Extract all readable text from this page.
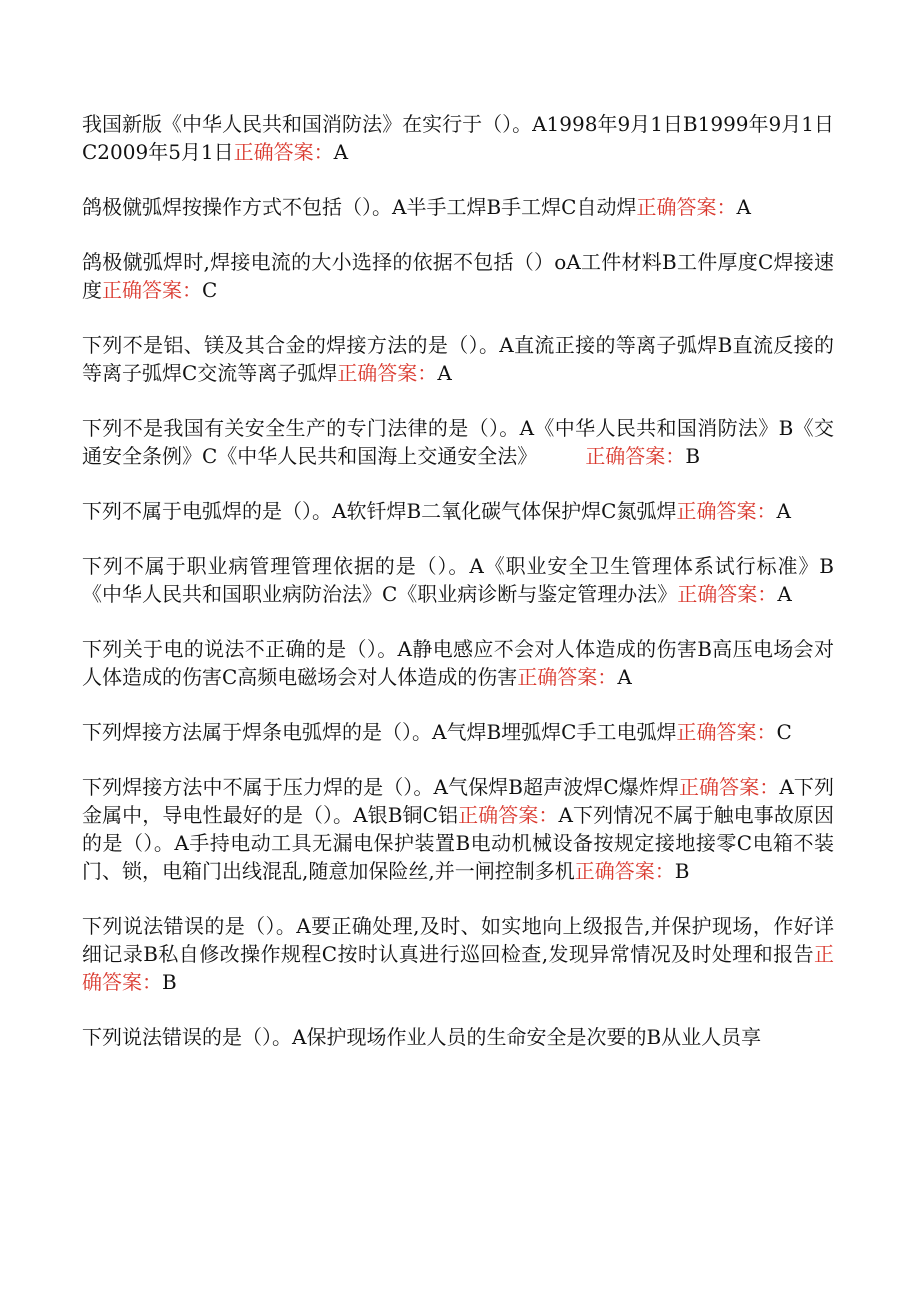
我国新版《中华人民共和国消防法》在实行于（）。A1998年9月1日B1999年9月1日C2009年5月1日正确答案：A

鸽极僦弧焊按操作方式不包括（）。A半手工焊B手工焊C自动焊正确答案：A

鸽极僦弧焊时,焊接电流的大小选择的依据不包括（）oA工件材料B工件厚度C焊接速度正确答案：C

下列不是铝、镁及其合金的焊接方法的是（）。A直流正接的等离子弧焊B直流反接的等离子弧焊C交流等离子弧焊正确答案：A

下列不是我国有关安全生产的专门法律的是（）。A《中华人民共和国消防法》B《交通安全条例》C《中华人民共和国海上交通安全法》 正确答案：B

下列不属于电弧焊的是（）。A软钎焊B二氧化碳气体保护焊C氮弧焊正确答案：A

下列不属于职业病管理管理依据的是（）。A《职业安全卫生管理体系试行标准》B《中华人民共和国职业病防治法》C《职业病诊断与鉴定管理办法》正确答案：A

下列关于电的说法不正确的是（）。A静电感应不会对人体造成的伤害B高压电场会对人体造成的伤害C高频电磁场会对人体造成的伤害正确答案：A

下列焊接方法属于焊条电弧焊的是（）。A气焊B埋弧焊C手工电弧焊正确答案：C

下列焊接方法中不属于压力焊的是（）。A气保焊B超声波焊C爆炸焊正确答案：A下列金属中，导电性最好的是（）。A银B铜C铝正确答案：A下列情况不属于触电事故原因的是（）。A手持电动工具无漏电保护装置B电动机械设备按规定接地接零C电箱不装门、锁，电箱门出线混乱,随意加保险丝,并一闸控制多机正确答案：B

下列说法错误的是（）。A要正确处理,及时、如实地向上级报告,并保护现场，作好详细记录B私自修改操作规程C按时认真进行巡回检查,发现异常情况及时处理和报告正确答案：B

下列说法错误的是（）。A保护现场作业人员的生命安全是次要的B从业人员享
